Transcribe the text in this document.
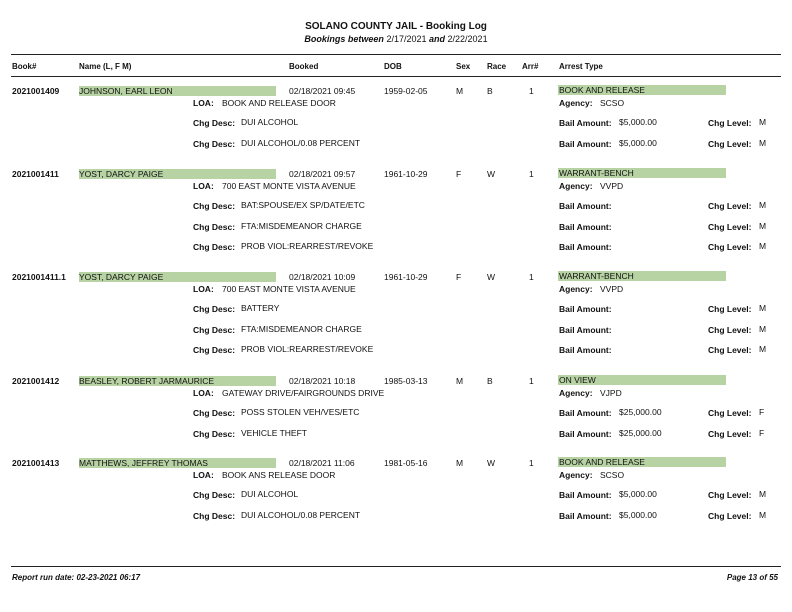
SOLANO COUNTY JAIL - Booking Log
Bookings between 2/17/2021 and 2/22/2021
Book#	Name (L, F M)	Booked	DOB	Sex Race Arr#	Arrest Type
2021001409 JOHNSON, EARL LEON	02/18/2021 09:45	1959-02-05	M	B	1	BOOK AND RELEASE
LOA: BOOK AND RELEASE DOOR	Agency: SCSO
Chg Desc: DUI ALCOHOL	Bail Amount: $5,000.00	Chg Level: M
Chg Desc: DUI ALCOHOL/0.08 PERCENT	Bail Amount: $5,000.00	Chg Level: M
2021001411 YOST, DARCY PAIGE	02/18/2021 09:57	1961-10-29	F	W	1	WARRANT-BENCH
LOA: 700 EAST MONTE VISTA AVENUE	Agency: VVPD
Chg Desc: BAT:SPOUSE/EX SP/DATE/ETC	Bail Amount:	Chg Level: M
Chg Desc: FTA:MISDEMEANOR CHARGE	Bail Amount:	Chg Level: M
Chg Desc: PROB VIOL:REARREST/REVOKE	Bail Amount:	Chg Level: M
2021001411.1 YOST, DARCY PAIGE	02/18/2021 10:09	1961-10-29	F	W	1	WARRANT-BENCH
LOA: 700 EAST MONTE VISTA AVENUE	Agency: VVPD
Chg Desc: BATTERY	Bail Amount:	Chg Level: M
Chg Desc: FTA:MISDEMEANOR CHARGE	Bail Amount:	Chg Level: M
Chg Desc: PROB VIOL:REARREST/REVOKE	Bail Amount:	Chg Level: M
2021001412 BEASLEY, ROBERT JARMAURICE	02/18/2021 10:18	1985-03-13	M	B	1	ON VIEW
LOA: GATEWAY DRIVE/FAIRGROUNDS DRIVE	Agency: VJPD
Chg Desc: POSS STOLEN VEH/VES/ETC	Bail Amount: $25,000.00	Chg Level: F
Chg Desc: VEHICLE THEFT	Bail Amount: $25,000.00	Chg Level: F
2021001413 MATTHEWS, JEFFREY THOMAS	02/18/2021 11:06	1981-05-16	M	W	1	BOOK AND RELEASE
LOA: BOOK ANS RELEASE DOOR	Agency: SCSO
Chg Desc: DUI ALCOHOL	Bail Amount: $5,000.00	Chg Level: M
Chg Desc: DUI ALCOHOL/0.08 PERCENT	Bail Amount: $5,000.00	Chg Level: M
Report run date: 02-23-2021 06:17	Page 13 of 55
